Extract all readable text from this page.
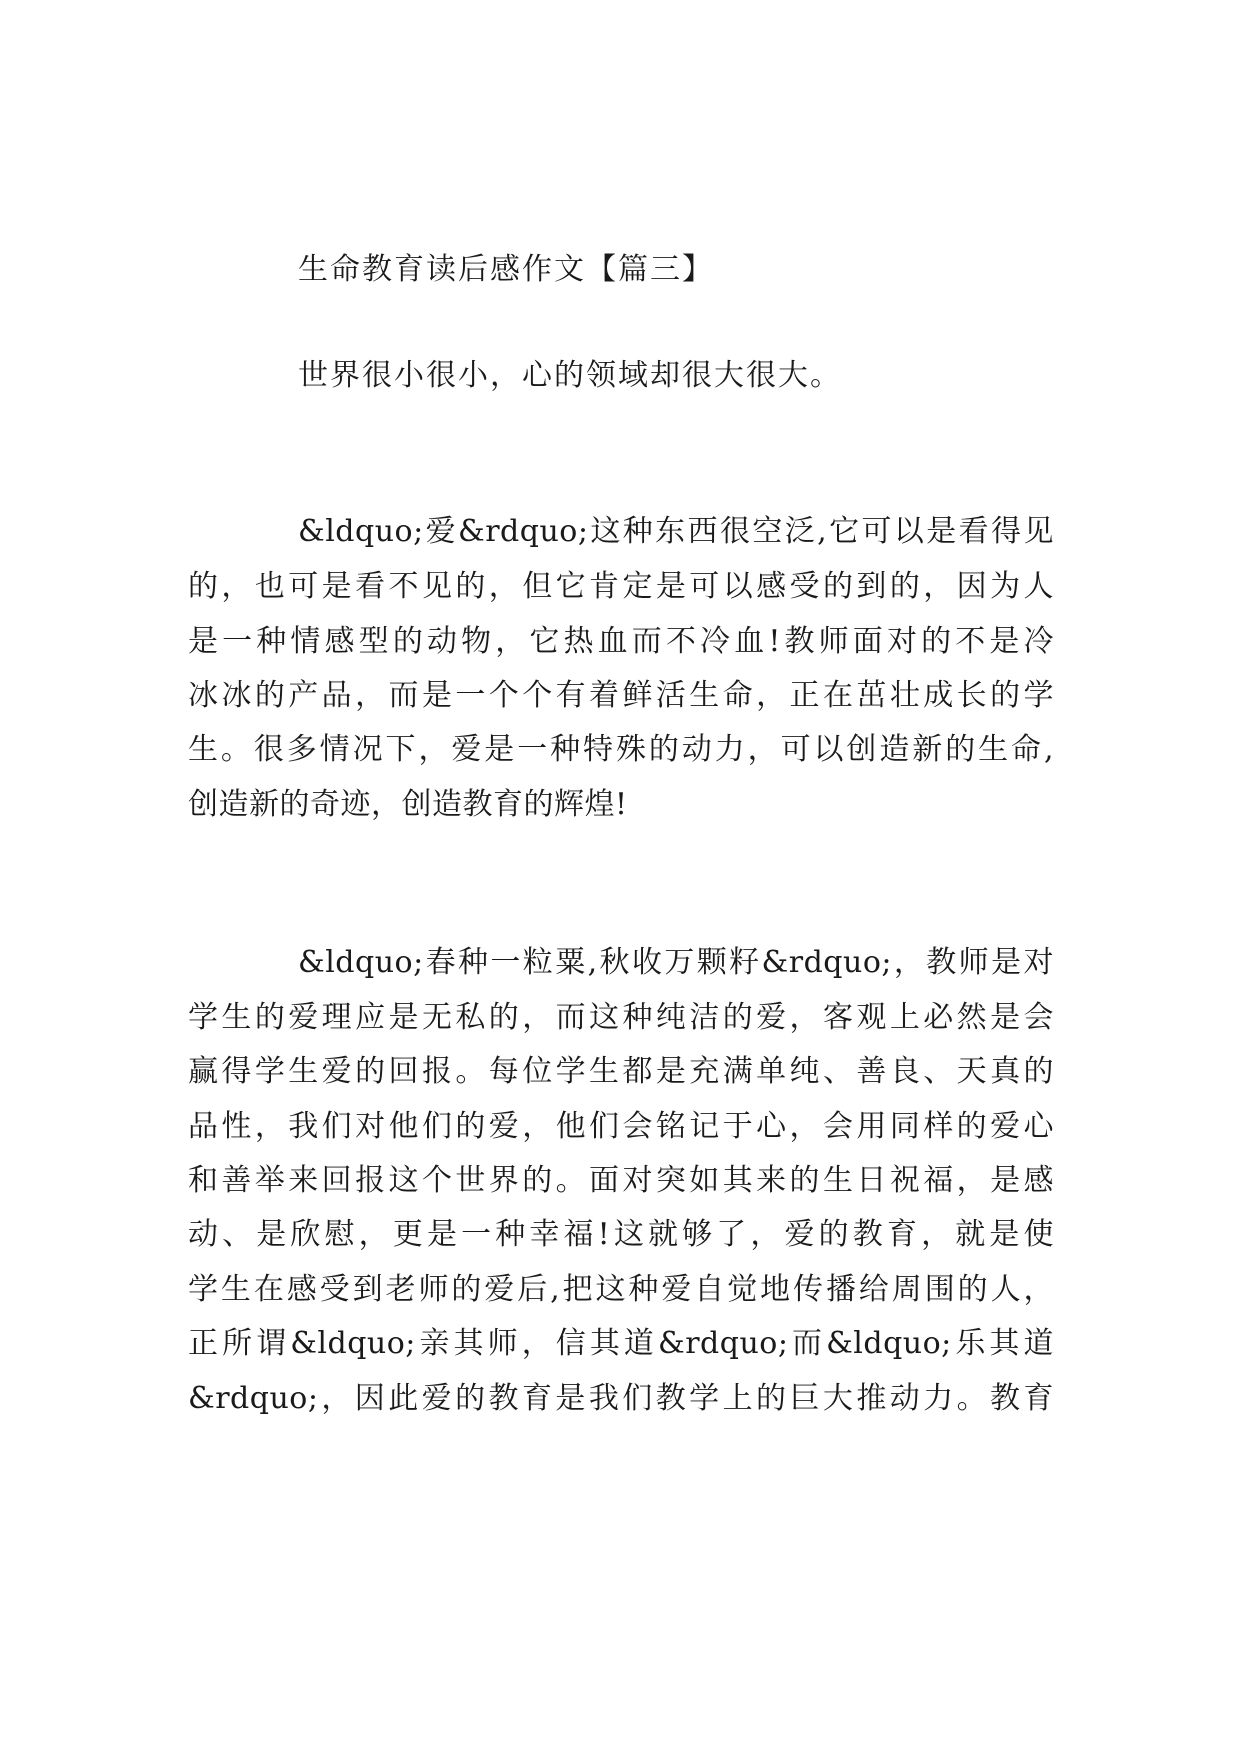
生命教育读后感作文【篇三】
世界很小很小，心的领域却很大很大。
&ldquo;爱&rdquo;这种东西很空泛,它可以是看得见
的，也可是看不见的，但它肯定是可以感受的到的，因为人
是一种情感型的动物，它热血而不冷血!教师面对的不是冷
冰冰的产品，而是一个个有着鲜活生命，正在茁壮成长的学
生。很多情况下，爱是一种特殊的动力，可以创造新的生命,
创造新的奇迹，创造教育的辉煌!
&ldquo;春种一粒粟,秋收万颗籽&rdquo;，教师是对
学生的爱理应是无私的，而这种纯洁的爱，客观上必然是会
赢得学生爱的回报。每位学生都是充满单纯、善良、天真的
品性，我们对他们的爱，他们会铭记于心，会用同样的爱心
和善举来回报这个世界的。面对突如其来的生日祝福，是感
动、是欣慰，更是一种幸福!这就够了，爱的教育，就是使
学生在感受到老师的爱后,把这种爱自觉地传播给周围的人，
正所谓&ldquo;亲其师，信其道&rdquo;而&ldquo;乐其道
&rdquo;，因此爱的教育是我们教学上的巨大推动力。教育
